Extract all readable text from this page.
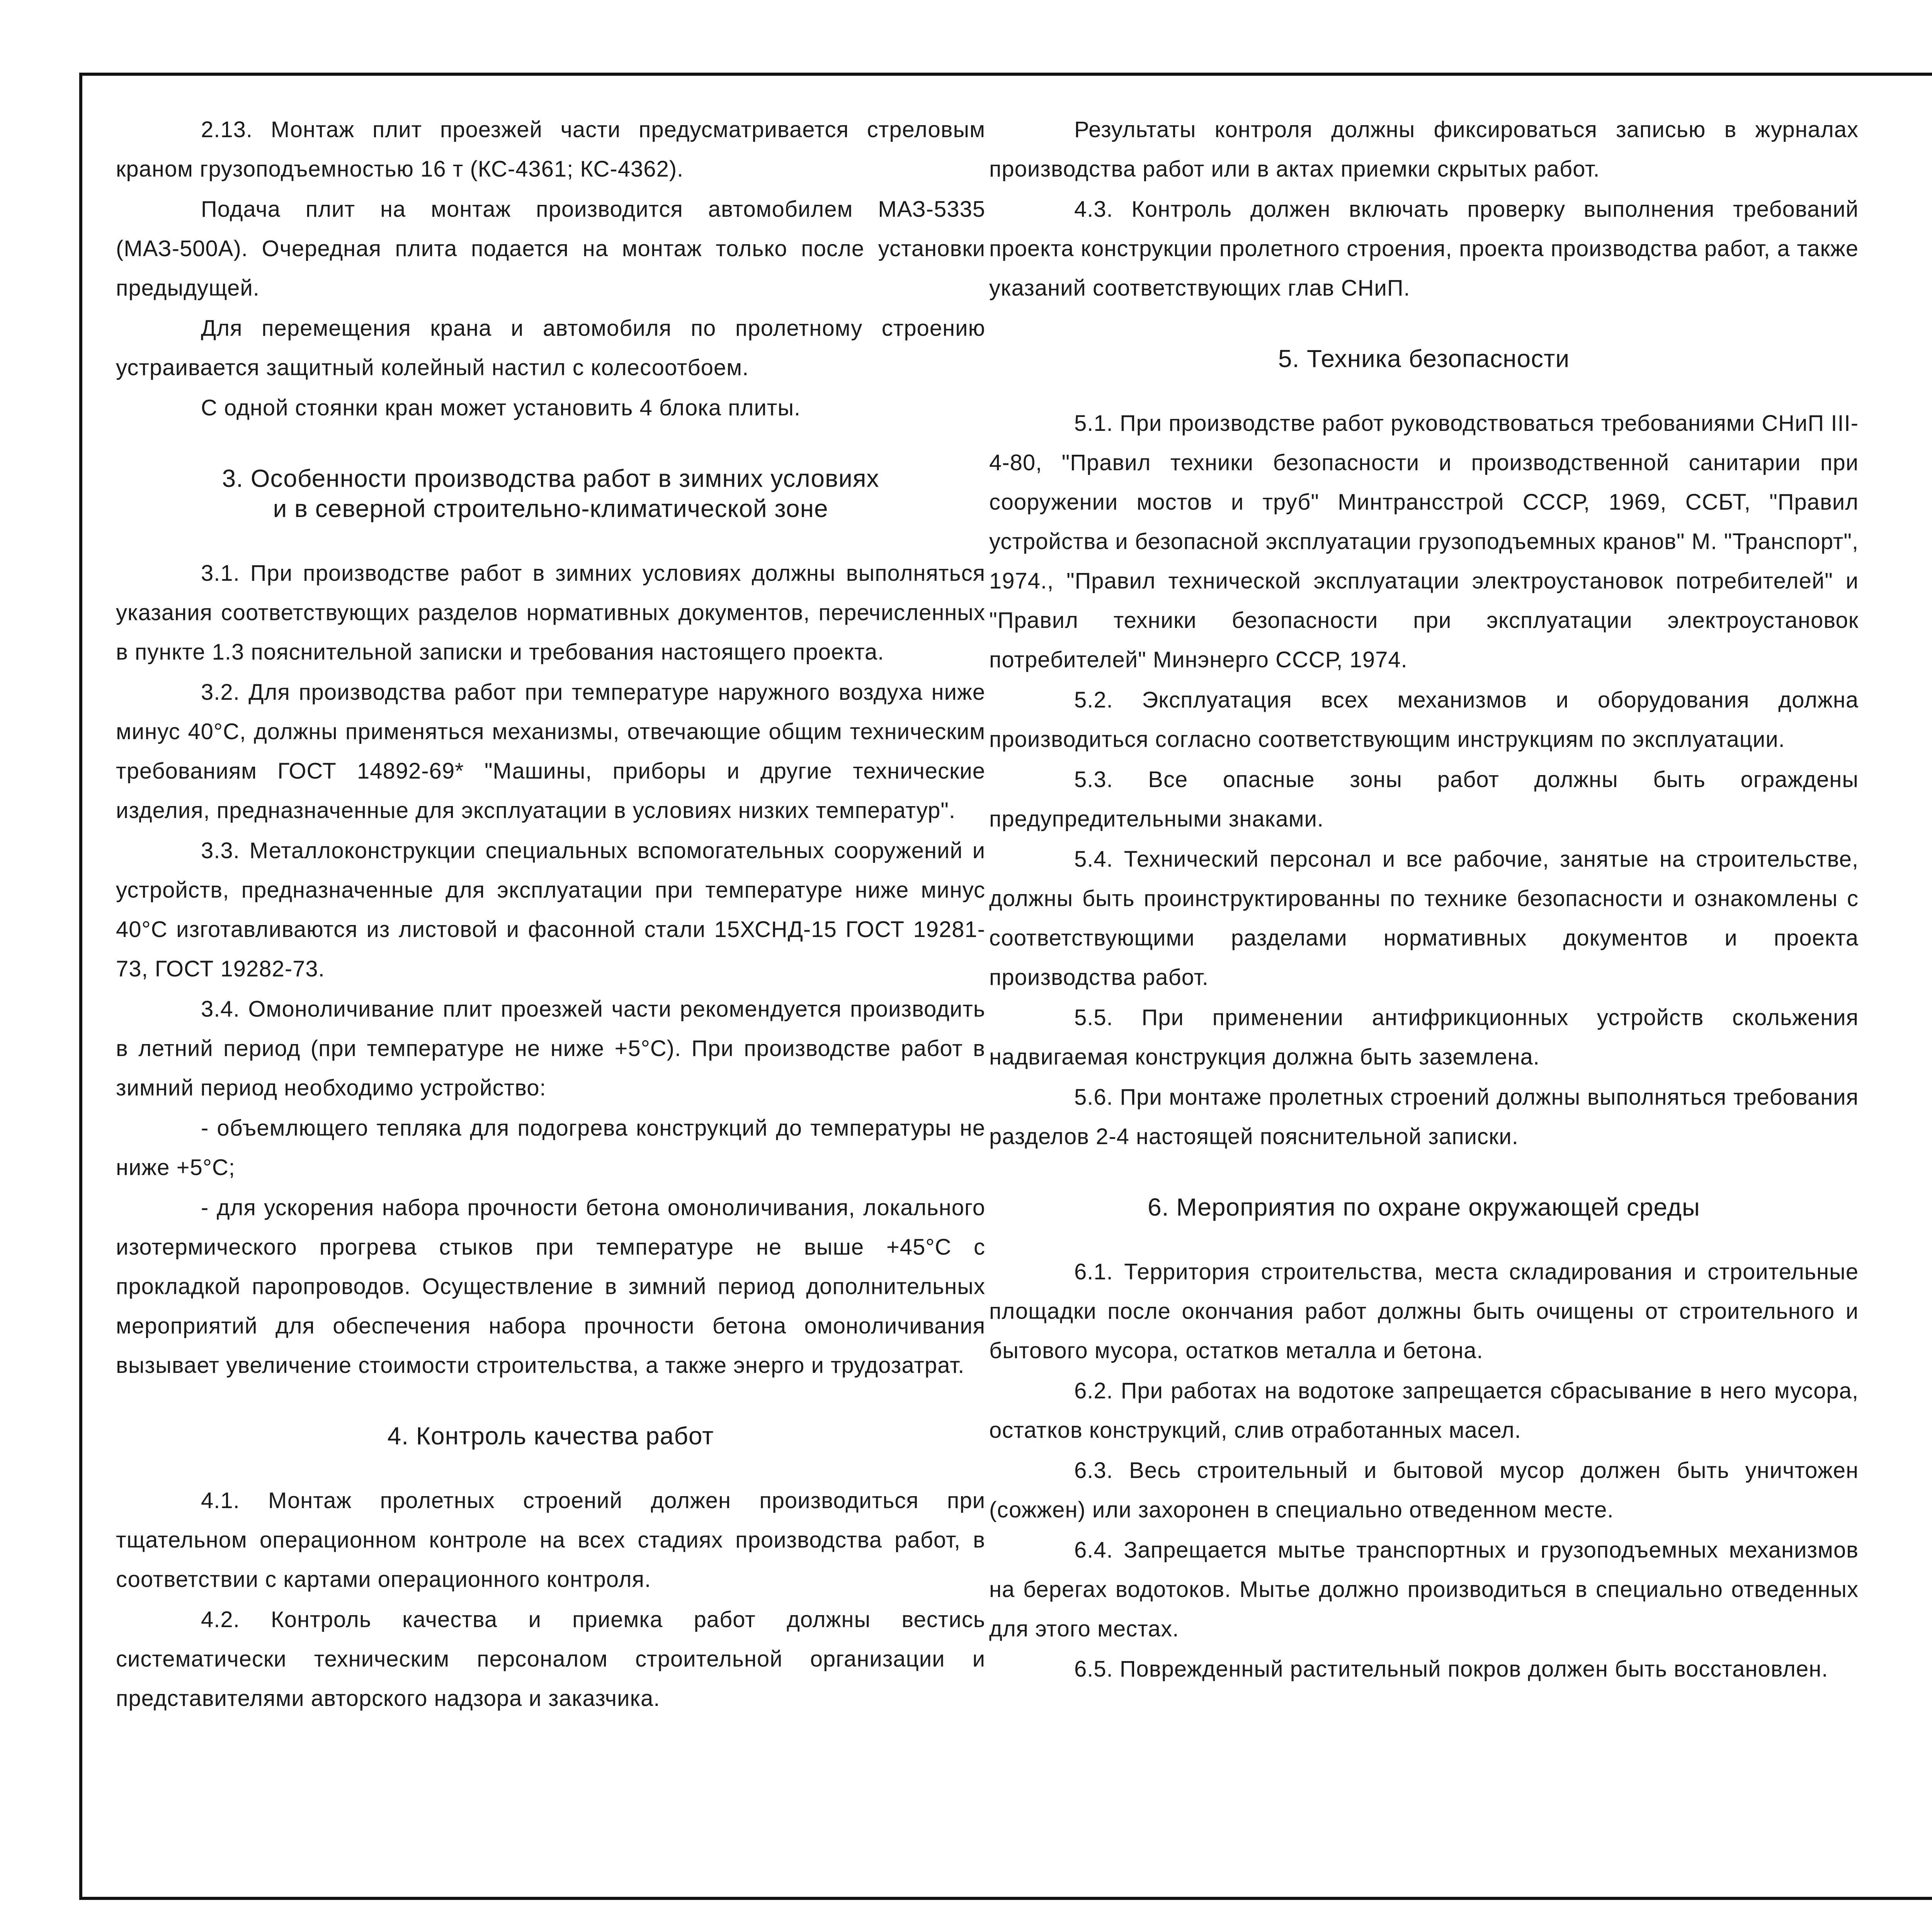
2.13. Монтаж плит проезжей части предусматривается стреловым краном грузоподъемностью 16 т (КС-4361; КС-4362).

Подача плит на монтаж производится автомобилем МАЗ-5335 (МАЗ-500А). Очередная плита подается на монтаж только после установки предыдущей.

Для перемещения крана и автомобиля по пролетному строению устраивается защитный колейный настил с колесоотбоем.

С одной стоянки кран может установить 4 блока плиты.

3. Особенности производства работ в зимних условиях
и в северной строительно-климатической зоне

3.1. При производстве работ в зимних условиях должны выполняться указания соответствующих разделов нормативных документов, перечисленных в пункте 1.3 пояснительной записки и требования настоящего проекта.

3.2. Для производства работ при температуре наружного воздуха ниже минус 40°С, должны применяться механизмы, отвечающие общим техническим требованиям ГОСТ 14892-69* "Машины, приборы и другие технические изделия, предназначенные для эксплуатации в условиях низких температур".

3.3. Металлоконструкции специальных вспомогательных сооружений и устройств, предназначенные для эксплуатации при температуре ниже минус 40°С изготавливаются из листовой и фасонной стали 15ХСНД-15 ГОСТ 19281-73, ГОСТ 19282-73.

3.4. Омоноличивание плит проезжей части рекомендуется производить в летний период (при температуре не ниже +5°С). При производстве работ в зимний период необходимо устройство:

- объемлющего тепляка для подогрева конструкций до температуры не ниже +5°С;

- для ускорения набора прочности бетона омоноличивания, локального изотермического прогрева стыков при температуре не выше +45°С с прокладкой паропроводов. Осуществление в зимний период дополнительных мероприятий для обеспечения набора прочности бетона омоноличивания вызывает увеличение стоимости строительства, а также энерго и трудозатрат.

4. Контроль качества работ

4.1. Монтаж пролетных строений должен производиться при тщательном операционном контроле на всех стадиях производства работ, в соответствии с картами операционного контроля.

4.2. Контроль качества и приемка работ должны вестись систематически техническим персоналом строительной организации и представителями авторского надзора и заказчика.

Результаты контроля должны фиксироваться записью в журналах производства работ или в актах приемки скрытых работ.

4.3. Контроль должен включать проверку выполнения требований проекта конструкции пролетного строения, проекта производства работ, а также указаний соответствующих глав СНиП.

5. Техника безопасности

5.1. При производстве работ руководствоваться требованиями СНиП III-4-80, "Правил техники безопасности и производственной санитарии при сооружении мостов и труб" Минтрансстрой СССР, 1969, ССБТ, "Правил устройства и безопасной эксплуатации грузоподъемных кранов" М. "Транспорт", 1974., "Правил технической эксплуатации электроустановок потребителей" и "Правил техники безопасности при эксплуатации электроустановок потребителей" Минэнерго СССР, 1974.

5.2. Эксплуатация всех механизмов и оборудования должна производиться согласно соответствующим инструкциям по эксплуатации.

5.3. Все опасные зоны работ должны быть ограждены предупредительными знаками.

5.4. Технический персонал и все рабочие, занятые на строительстве, должны быть проинструктированны по технике безопасности и ознакомлены с соответствующими разделами нормативных документов и проекта производства работ.

5.5. При применении антифрикционных устройств скольжения надвигаемая конструкция должна быть заземлена.

5.6. При монтаже пролетных строений должны выполняться требования разделов 2-4 настоящей пояснительной записки.

6. Мероприятия по охране окружающей среды

6.1. Территория строительства, места складирования и строительные площадки после окончания работ должны быть очищены от строительного и бытового мусора, остатков металла и бетона.

6.2. При работах на водотоке запрещается сбрасывание в него мусора, остатков конструкций, слив отработанных масел.

6.3. Весь строительный и бытовой мусор должен быть уничтожен (сожжен) или захоронен в специально отведенном месте.

6.4. Запрещается мытье транспортных и грузоподъемных механизмов на берегах водотоков. Мытье должно производиться в специально отведенных для этого местах.

6.5. Поврежденный растительный покров должен быть восстановлен.
